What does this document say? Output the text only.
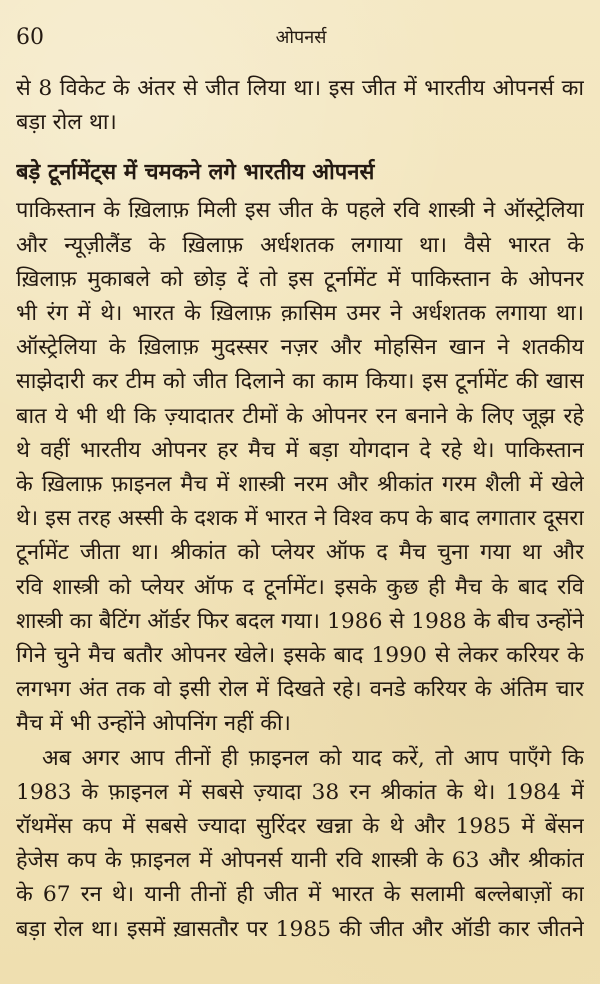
60	ओपनर्स
से 8 विकेट के अंतर से जीत लिया था। इस जीत में भारतीय ओपनर्स का
बड़ा रोल था।
बड़े टूर्नामेंट्स में चमकने लगे भारतीय ओपनर्स
पाकिस्तान के ख़िलाफ़ मिली इस जीत के पहले रवि शास्त्री ने ऑस्ट्रेलिया
और न्यूज़ीलैंड के ख़िलाफ़ अर्धशतक लगाया था। वैसे भारत के
ख़िलाफ़ मुकाबले को छोड़ दें तो इस टूर्नामेंट में पाकिस्तान के ओपनर
भी रंग में थे। भारत के ख़िलाफ़ क़ासिम उमर ने अर्धशतक लगाया था।
ऑस्ट्रेलिया के ख़िलाफ़ मुदस्सर नज़र और मोहसिन खान ने शतकीय
साझेदारी कर टीम को जीत दिलाने का काम किया। इस टूर्नामेंट की खास
बात ये भी थी कि ज़्यादातर टीमों के ओपनर रन बनाने के लिए जूझ रहे
थे वहीं भारतीय ओपनर हर मैच में बड़ा योगदान दे रहे थे। पाकिस्तान
के ख़िलाफ़ फ़ाइनल मैच में शास्त्री नरम और श्रीकांत गरम शैली में खेले
थे। इस तरह अस्सी के दशक में भारत ने विश्व कप के बाद लगातार दूसरा
टूर्नामेंट जीता था। श्रीकांत को प्लेयर ऑफ द मैच चुना गया था और
रवि शास्त्री को प्लेयर ऑफ द टूर्नामेंट। इसके कुछ ही मैच के बाद रवि
शास्त्री का बैटिंग ऑर्डर फिर बदल गया। 1986 से 1988 के बीच उन्होंने
गिने चुने मैच बतौर ओपनर खेले। इसके बाद 1990 से लेकर करियर के
लगभग अंत तक वो इसी रोल में दिखते रहे। वनडे करियर के अंतिम चार
मैच में भी उन्होंने ओपनिंग नहीं की।
अब अगर आप तीनों ही फ़ाइनल को याद करें, तो आप पाएँगे कि
1983 के फ़ाइनल में सबसे ज़्यादा 38 रन श्रीकांत के थे। 1984 में
रॉथमेंस कप में सबसे ज्यादा सुरिंदर खन्ना के थे और 1985 में बेंसन
हेजेस कप के फ़ाइनल में ओपनर्स यानी रवि शास्त्री के 63 और श्रीकांत
के 67 रन थे। यानी तीनों ही जीत में भारत के सलामी बल्लेबाज़ों का
बड़ा रोल था। इसमें ख़ासतौर पर 1985 की जीत और ऑडी कार जीतने
